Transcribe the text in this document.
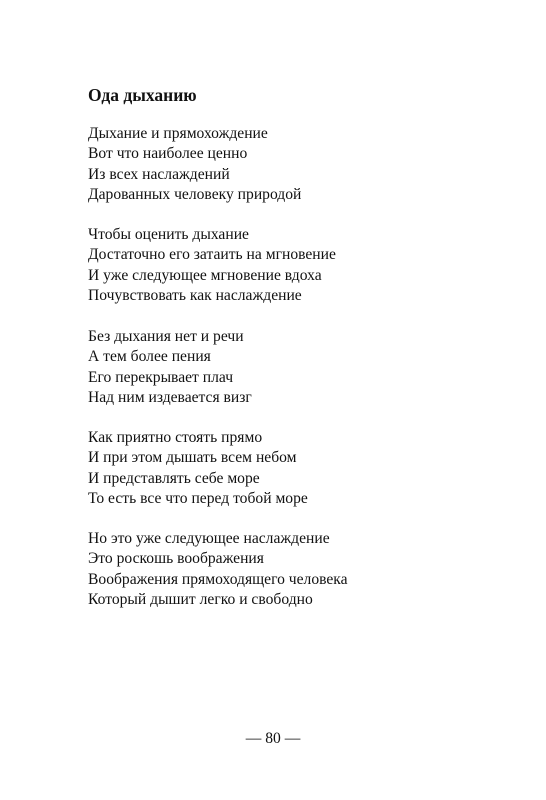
Ода дыханию
Дыхание и прямохождение
Вот что наиболее ценно
Из всех наслаждений
Дарованных человеку природой
Чтобы оценить дыхание
Достаточно его затаить на мгновение
И уже следующее мгновение вдоха
Почувствовать как наслаждение
Без дыхания нет и речи
А тем более пения
Его перекрывает плач
Над ним издевается визг
Как приятно стоять прямо
И при этом дышать всем небом
И представлять себе море
То есть все что перед тобой море
Но это уже следующее наслаждение
Это роскошь воображения
Воображения прямоходящего человека
Который дышит легко и свободно
— 80 —
